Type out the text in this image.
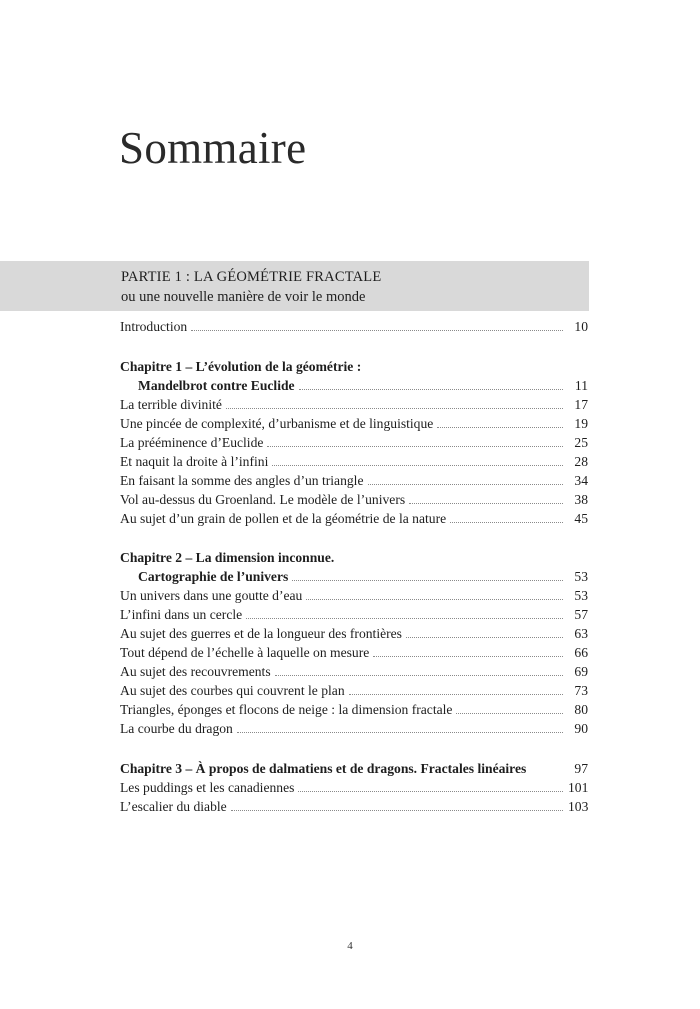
Sommaire
PARTIE 1 : LA GÉOMÉTRIE FRACTALE
ou une nouvelle manière de voir le monde
Introduction	10
Chapitre 1 – L’évolution de la géométrie :
Mandelbrot contre Euclide	11
La terrible divinité	17
Une pincée de complexité, d’urbanisme et de linguistique	19
La prééminence d’Euclide	25
Et naquit la droite à l’infini	28
En faisant la somme des angles d’un triangle	34
Vol au-dessus du Groenland. Le modèle de l’univers	38
Au sujet d’un grain de pollen et de la géométrie de la nature	45
Chapitre 2 – La dimension inconnue.
Cartographie de l’univers	53
Un univers dans une goutte d’eau	53
L’infini dans un cercle	57
Au sujet des guerres et de la longueur des frontières	63
Tout dépend de l’échelle à laquelle on mesure	66
Au sujet des recouvrements	69
Au sujet des courbes qui couvrent le plan	73
Triangles, éponges et flocons de neige : la dimension fractale	80
La courbe du dragon	90
Chapitre 3 – À propos de dalmatiens et de dragons. Fractales linéaires	97
Les puddings et les canadiennes	101
L’escalier du diable	103
4
